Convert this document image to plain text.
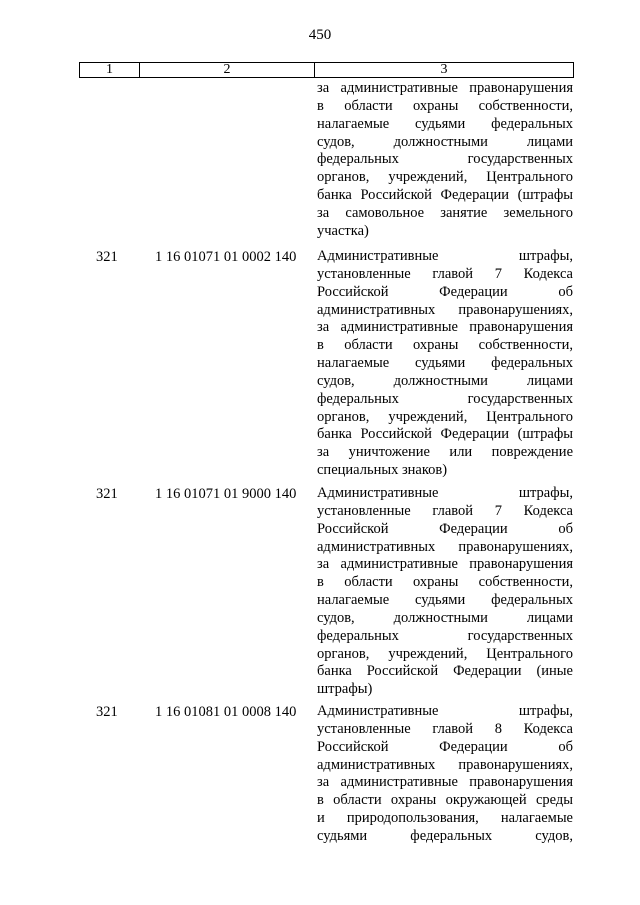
450
1	2	3
за административные правонарушения
в области охраны собственности,
налагаемые судьями федеральных
судов, должностными лицами
федеральных государственных
органов, учреждений, Центрального
банка Российской Федерации (штрафы
за самовольное занятие земельного
участка)
321	1 16 01071 01 0002 140 Административные штрафы,
установленные главой 7 Кодекса
Российской Федерации об
административных правонарушениях,
за административные правонарушения
в области охраны собственности,
налагаемые судьями федеральных
судов, должностными лицами
федеральных государственных
органов, учреждений, Центрального
банка Российской Федерации (штрафы
за уничтожение или повреждение
специальных знаков)
321	1 16 01071 01 9000 140 Административные штрафы,
установленные главой 7 Кодекса
Российской Федерации об
административных правонарушениях,
за административные правонарушения
в области охраны собственности,
налагаемые судьями федеральных
судов, должностными лицами
федеральных государственных
органов, учреждений, Центрального
банка Российской Федерации (иные
штрафы)
321	1 16 01081 01 0008 140 Административные штрафы,
установленные главой 8 Кодекса
Российской Федерации об
административных правонарушениях,
за административные правонарушения
в области охраны окружающей среды
и природопользования, налагаемые
судьями федеральных судов,
